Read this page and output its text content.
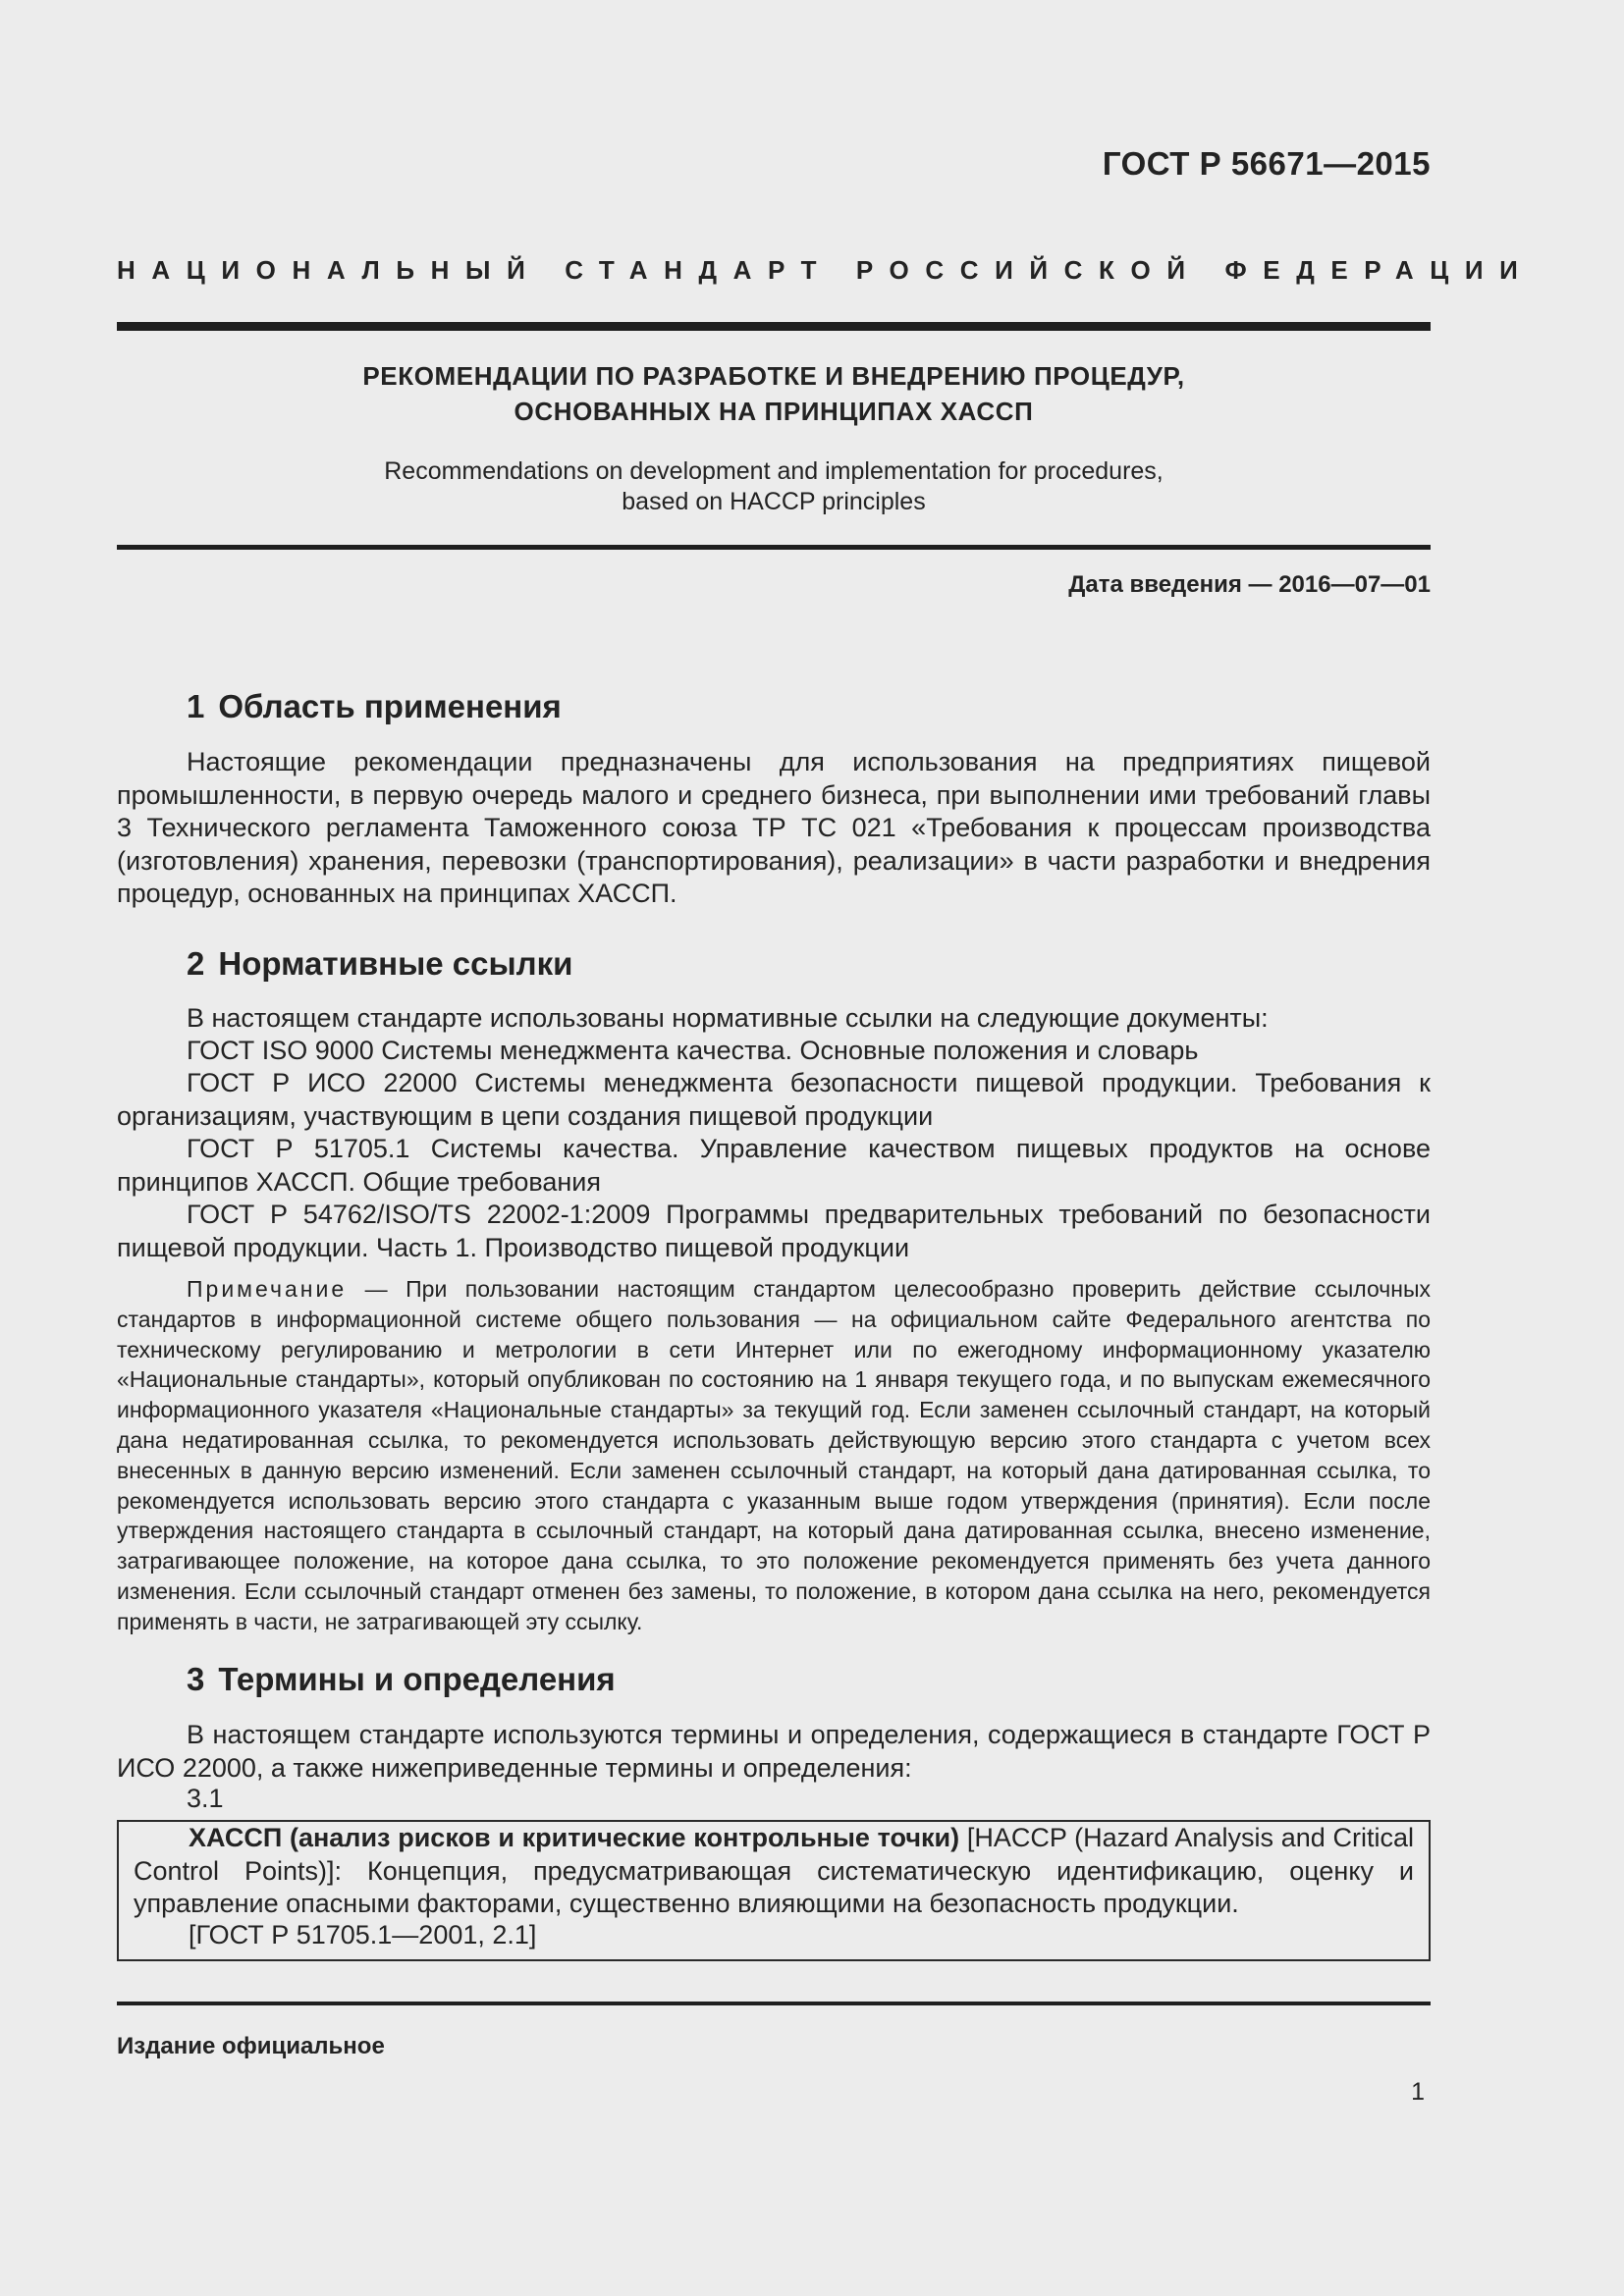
ГОСТ Р 56671—2015
НАЦИОНАЛЬНЫЙ СТАНДАРТ РОССИЙСКОЙ ФЕДЕРАЦИИ
РЕКОМЕНДАЦИИ ПО РАЗРАБОТКЕ И ВНЕДРЕНИЮ ПРОЦЕДУР,
ОСНОВАННЫХ НА ПРИНЦИПАХ ХАССП
Recommendations on development and implementation for procedures,
based on HACCP principles
Дата введения — 2016—07—01
1 Область применения
Настоящие рекомендации предназначены для использования на предприятиях пищевой промышленности, в первую очередь малого и среднего бизнеса, при выполнении ими требований главы 3 Технического регламента Таможенного союза ТР ТС 021 «Требования к процессам производства (изготовления) хранения, перевозки (транспортирования), реализации» в части разработки и внедрения процедур, основанных на принципах ХАССП.
2 Нормативные ссылки
В настоящем стандарте использованы нормативные ссылки на следующие документы:
ГОСТ ISO 9000 Системы менеджмента качества. Основные положения и словарь
ГОСТ Р ИСО 22000 Системы менеджмента безопасности пищевой продукции. Требования к организациям, участвующим в цепи создания пищевой продукции
ГОСТ Р 51705.1 Системы качества. Управление качеством пищевых продуктов на основе принципов ХАССП. Общие требования
ГОСТ Р 54762/ISO/TS 22002-1:2009 Программы предварительных требований по безопасности пищевой продукции. Часть 1. Производство пищевой продукции
Примечание — При пользовании настоящим стандартом целесообразно проверить действие ссылочных стандартов в информационной системе общего пользования — на официальном сайте Федерального агентства по техническому регулированию и метрологии в сети Интернет или по ежегодному информационному указателю «Национальные стандарты», который опубликован по состоянию на 1 января текущего года, и по выпускам ежемесячного информационного указателя «Национальные стандарты» за текущий год. Если заменен ссылочный стандарт, на который дана недатированная ссылка, то рекомендуется использовать действующую версию этого стандарта с учетом всех внесенных в данную версию изменений. Если заменен ссылочный стандарт, на который дана датированная ссылка, то рекомендуется использовать версию этого стандарта с указанным выше годом утверждения (принятия). Если после утверждения настоящего стандарта в ссылочный стандарт, на который дана датированная ссылка, внесено изменение, затрагивающее положение, на которое дана ссылка, то это положение рекомендуется применять без учета данного изменения. Если ссылочный стандарт отменен без замены, то положение, в котором дана ссылка на него, рекомендуется применять в части, не затрагивающей эту ссылку.
3 Термины и определения
В настоящем стандарте используются термины и определения, содержащиеся в стандарте ГОСТ Р ИСО 22000, а также нижеприведенные термины и определения:
3.1
ХАССП (анализ рисков и критические контрольные точки) [HACCP (Hazard Analysis and Critical Control Points)]: Концепция, предусматривающая систематическую идентификацию, оценку и управление опасными факторами, существенно влияющими на безопасность продукции.
[ГОСТ Р 51705.1—2001, 2.1]
Издание официальное
1
